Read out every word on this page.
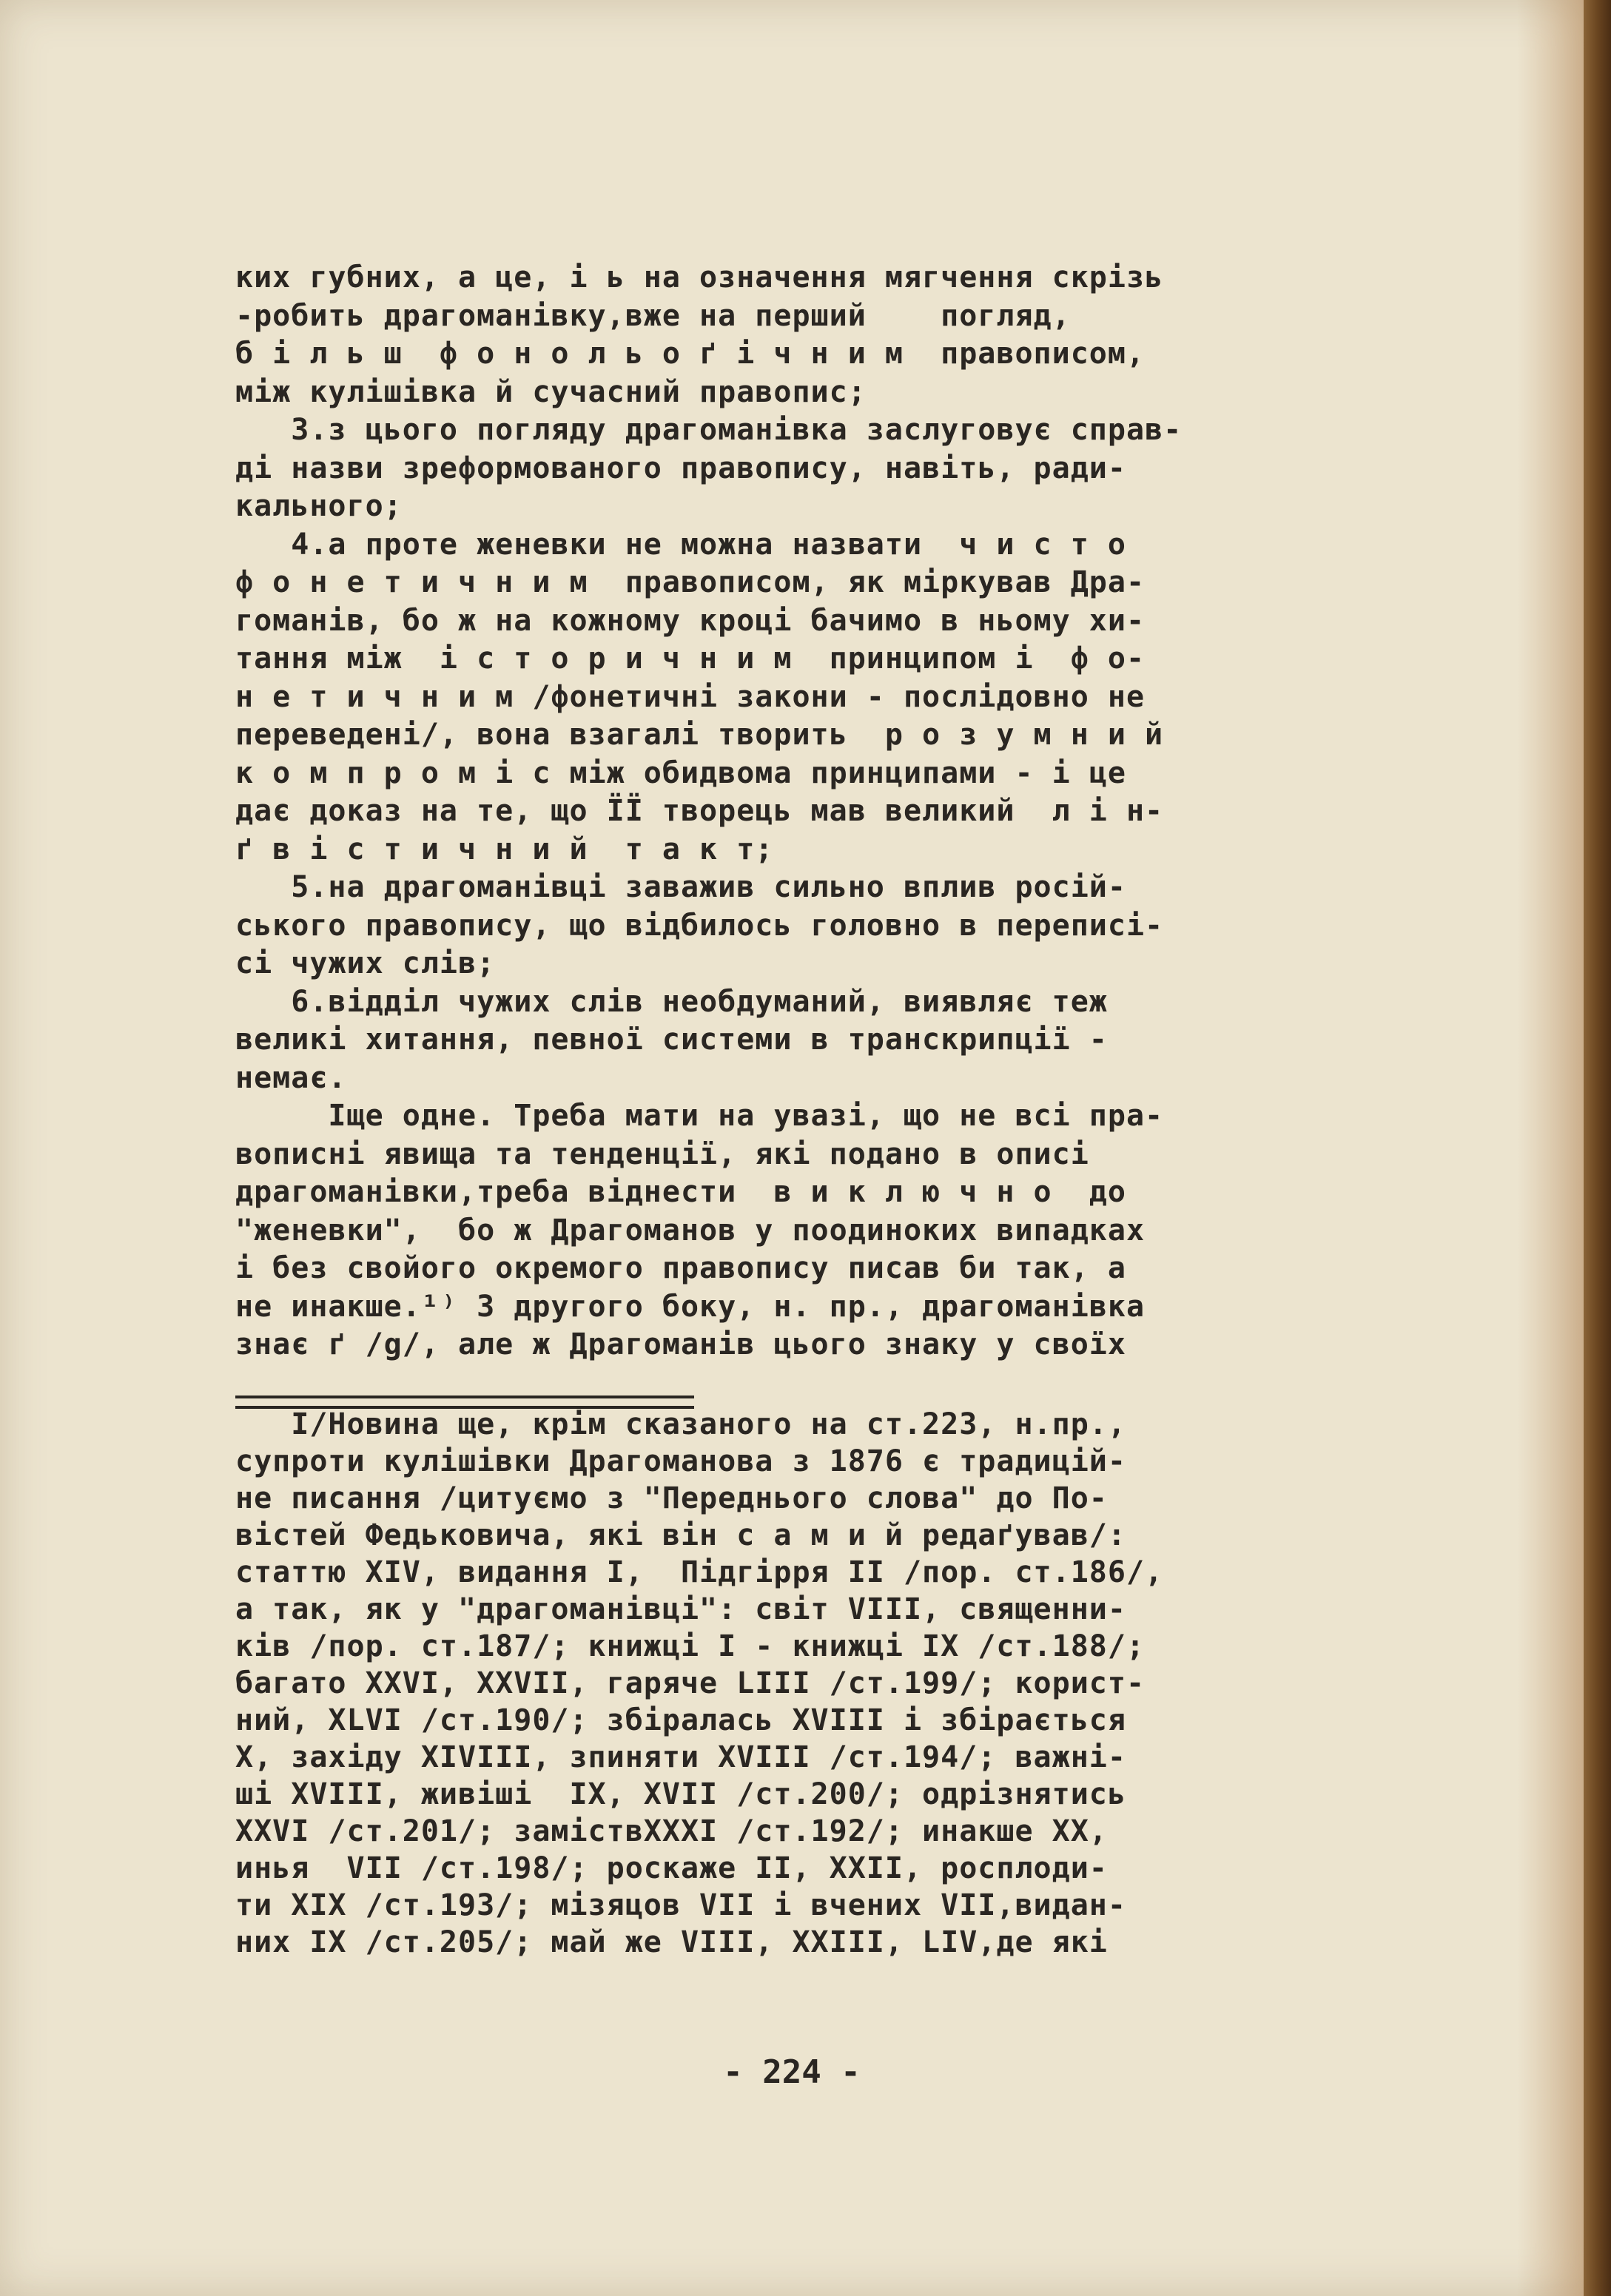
ких губних, а це, і ь на означення мягчення скрізь
-робить драгоманівку,вже на перший    погляд,
б і л ь ш  ф о н о л ь о ґ і ч н и м  правописом,
між кулішівка й сучасний правопис;
3.з цього погляду драгоманівка заслуговує справ-
ді назви зреформованого правопису, навіть, ради-
кального;
4.а проте женевки не можна назвати  ч и с т о
ф о н е т и ч н и м  правописом, як міркував Дра-
гоманів, бо ж на кожному кроці бачимо в ньому хи-
тання між  і с т о р и ч н и м  принципом і  ф о-
н е т и ч н и м /фонетичні закони - послідовно не
переведені/, вона взагалі творить  р о з у м н и й
к о м п р о м і с між обидвома принципами - і це
дає доказ на те, що ЇЇ творець мав великий  л і н-
ґ в і с т и ч н и й  т а к т;
5.на драгоманівці заважив сильно вплив росій-
ського правопису, що відбилось головно в переписі-
сі чужих слів;
6.відділ чужих слів необдуманий, виявляє теж
великі хитання, певної системи в транскрипції -
немає.
Іще одне. Треба мати на увазі, що не всі пра-
вописні явища та тенденції, які подано в описі
драгоманівки,треба віднести  в и к л ю ч н о  до
"женевки",  бо ж Драгоманов у поодиноких випадках
і без свойого окремого правопису писав би так, а
не инакше.¹⁾ З другого боку, н. пр., драгоманівка
знає ґ /g/, але ж Драгоманів цього знаку у своїх
І/Новина ще, крім сказаного на ст.223, н.пр.,
супроти кулішівки Драгоманова з 1876 є традицій-
не писання /цитуємо з "Переднього слова" до По-
вістей Федьковича, які він с а м и й редаґував/:
статтю XIV, видання I,  Підгірря II /пор. ст.186/,
а так, як у "драгоманівці": світ VIII, священни-
ків /пор. ст.187/; книжці I - книжці IX /ст.188/;
багато XXVI, XXVII, гаряче LIII /ст.199/; корист-
ний, XLVI /ст.190/; збіралась XVIII і збірається
X, західу XIVIII, зпиняти XVIII /ст.194/; важні-
ші XVIII, живіші  IX, XVII /ст.200/; одрізнятись
XXVI /ст.201/; заміствXXXI /ст.192/; инакше XX,
инья  VII /ст.198/; роскаже II, XXII, росплоди-
ти XIX /ст.193/; мізяцов VII і вчених VII,видан-
них IX /ст.205/; май же VIII, XXIII, LIV,де які
- 224 -
